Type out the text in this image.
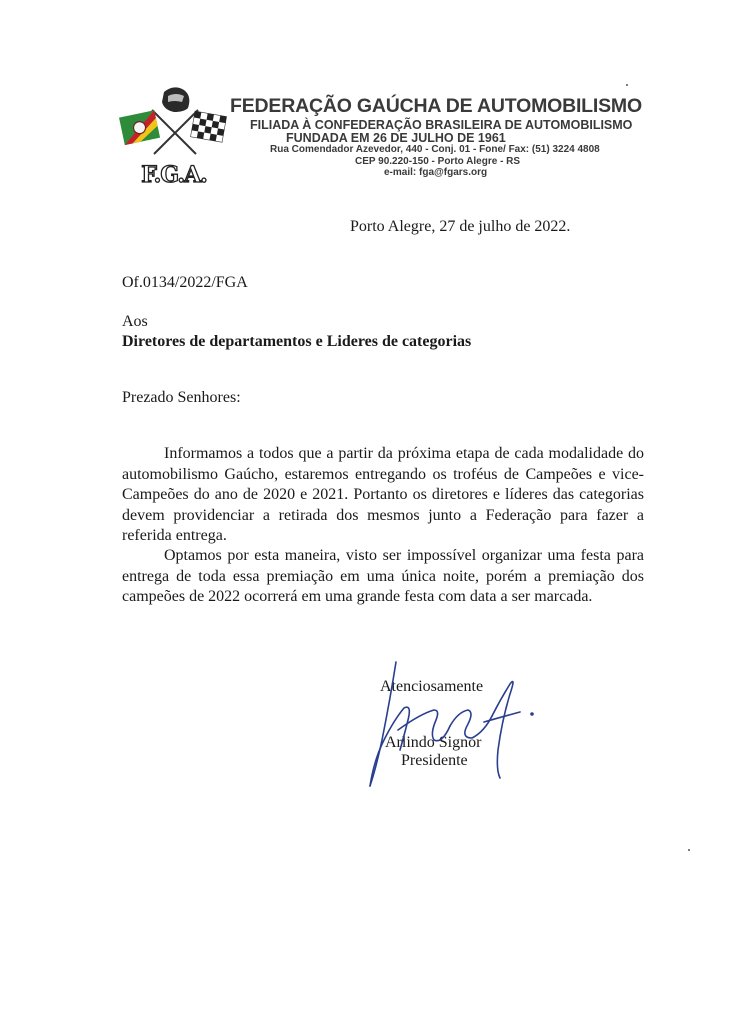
F.G.A.
FEDERAÇÃO GAÚCHA DE AUTOMOBILISMO
FILIADA À CONFEDERAÇÃO BRASILEIRA DE AUTOMOBILISMO
FUNDADA EM 26 DE JULHO DE 1961
Rua Comendador Azevedor, 440 - Conj. 01 - Fone/ Fax: (51) 3224 4808
CEP 90.220-150 - Porto Alegre - RS
e-mail: fga@fgars.org
Porto Alegre, 27 de julho de 2022.
Of.0134/2022/FGA
Aos
Diretores de departamentos e Lideres de categorias
Prezado Senhores:

Informamos a todos que a partir da próxima etapa de cada modalidade do automobilismo Gaúcho, estaremos entregando os troféus de Campeões e vice-Campeões do ano de 2020 e 2021. Portanto os diretores e líderes das categorias devem providenciar a retirada dos mesmos junto a Federação para fazer a referida entrega.

Optamos por esta maneira, visto ser impossível organizar uma festa para entrega de toda essa premiação em uma única noite, porém a premiação dos campeões de 2022 ocorrerá em uma grande festa com data a ser marcada.

Atenciosamente
Arlindo Signor
Presidente
